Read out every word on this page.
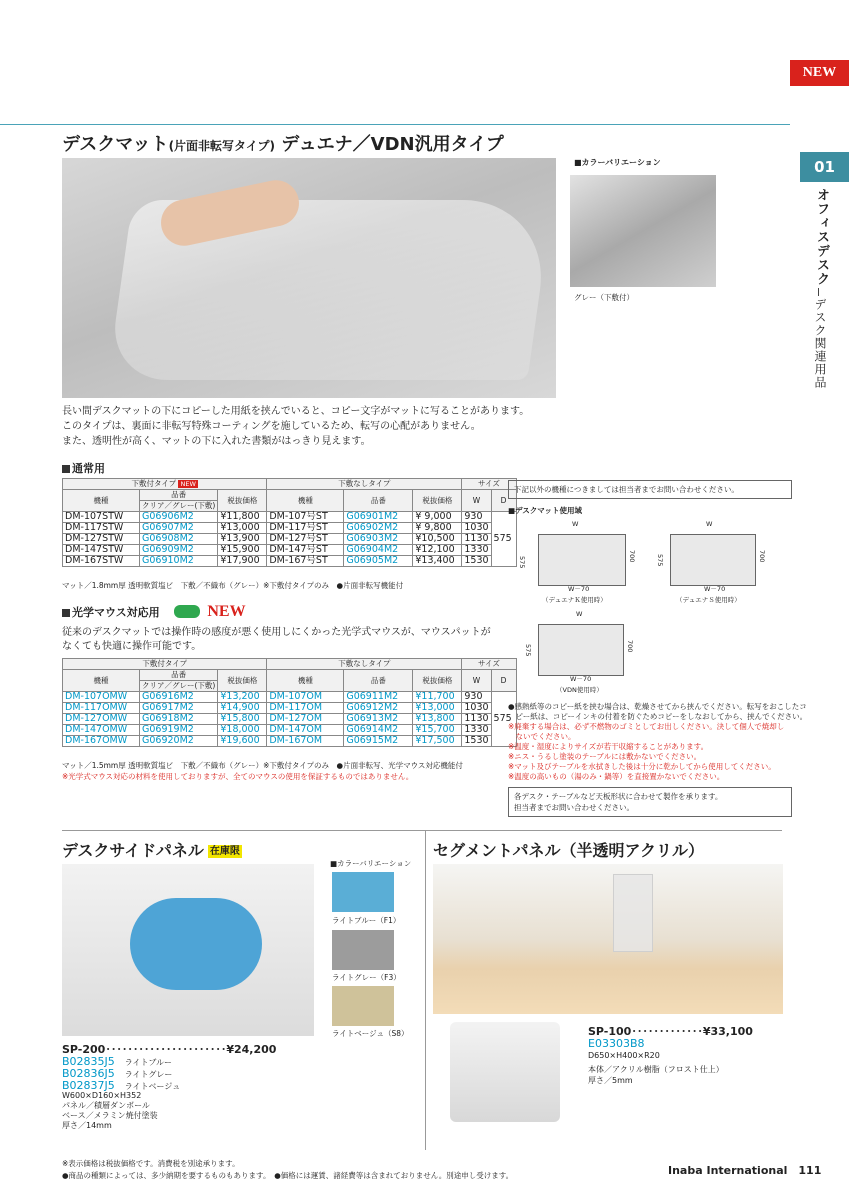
NEW
デスクマット(片面非転写タイプ) デュエナ／VDN汎用タイプ
■カラーバリエーション
グレー（下敷付）
長い間デスクマットの下にコピーした用紙を挟んでいると、コピー文字がマットに写ることがあります。
このタイプは、裏面に非転写特殊コーティングを施しているため、転写の心配がありません。
また、透明性が高く、マットの下に入れた書類がはっきり見えます。
通常用
下敷付タイプ NEW			下敷なしタイプ			サイズ	
機種	品番	税抜価格	機種	品番	税抜価格	W	D
	クリア／グレー(下敷)						
DM-107STW	G06906M2	¥11,800	DM-107号ST	G06901M2	¥ 9,000	930	575
DM-117STW	G06907M2	¥13,000	DM-117号ST	G06902M2	¥ 9,800	1030	
DM-127STW	G06908M2	¥13,900	DM-127号ST	G06903M2	¥10,500	1130	
DM-147STW	G06909M2	¥15,900	DM-147号ST	G06904M2	¥12,100	1330	
DM-167STW	G06910M2	¥17,900	DM-167号ST	G06905M2	¥13,400	1530	
マット／1.8mm厚 透明軟質塩ビ　下敷／不織布（グレー）※下敷付タイプのみ　●片面非転写機能付
光学マウス対応用	NEW
従来のデスクマットでは操作時の感度が悪く使用しにくかった光学式マウスが、マウスパットが
なくても快適に操作可能です。
下敷付タイプ			下敷なしタイプ			サイズ	
機種	品番	税抜価格	機種	品番	税抜価格	W	D
	クリア／グレー(下敷)						
DM-107OMW	G06916M2	¥13,200	DM-107OM	G06911M2	¥11,700	930	575
DM-117OMW	G06917M2	¥14,900	DM-117OM	G06912M2	¥13,000	1030	
DM-127OMW	G06918M2	¥15,800	DM-127OM	G06913M2	¥13,800	1130	
DM-147OMW	G06919M2	¥18,000	DM-147OM	G06914M2	¥15,700	1330	
DM-167OMW	G06920M2	¥19,600	DM-167OM	G06915M2	¥17,500	1530	
マット／1.5mm厚 透明軟質塩ビ　下敷／不織布（グレー）※下敷付タイプのみ　●片面非転写、光学マウス対応機能付
※光学式マウス対応の材料を使用しておりますが、全てのマウスの使用を保証するものではありません。
下記以外の機種につきましては担当者までお問い合わせください。
■デスクマット使用域
W
575	700
W－70
（デュエナＫ使用時）
W
575	700
W－70
（デュエナＳ使用時）
W
575	700
W－70
（VDN使用時）
●感熱紙等のコピー紙を挟む場合は、乾燥させてから挟んでください。転写をおこしたコ
　ピー紙は、コピーインキの付着を防ぐためコピーをしなおしてから、挟んでください。
※廃棄する場合は、必ず不燃物のゴミとしてお出しください。決して個人で焼却し
　ないでください。
※温度・湿度によりサイズが若干収縮することがあります。
※ニス・うるし塗装のテーブルには敷かないでください。
※マット及びテーブルを水拭きした後は十分に乾かしてから使用してください。
※温度の高いもの（湯のみ・鍋等）を直接置かないでください。
各デスク・テーブルなど天板形状に合わせて製作を承ります。
担当者までお問い合わせください。
01
オフィスデスク
デスク関連用品
デスクサイドパネル 在庫限
■カラーバリエーション
ライトブルー（F1）
ライトグレー（F3）
ライトベージュ（S8）
SP-200･･････････････････････¥24,200
B02835J5　 ライトブルー
B02836J5　 ライトグレー
B02837J5　 ライトベージュ
W600×D160×H352
パネル／積層ダンボール
ベース／メラミン焼付塗装
厚さ／14mm
セグメントパネル（半透明アクリル）
SP-100･････････････¥33,100
E03303B8
D650×H400×R20
本体／アクリル樹脂（フロスト仕上）
厚さ／5mm
※表示価格は税抜価格です。消費税を別途承ります。
●商品の種類によっては、多少納期を要するものもあります。　 ●価格には運賃、諸経費等は含まれておりません。別途申し受けます。	Inaba International　 111
